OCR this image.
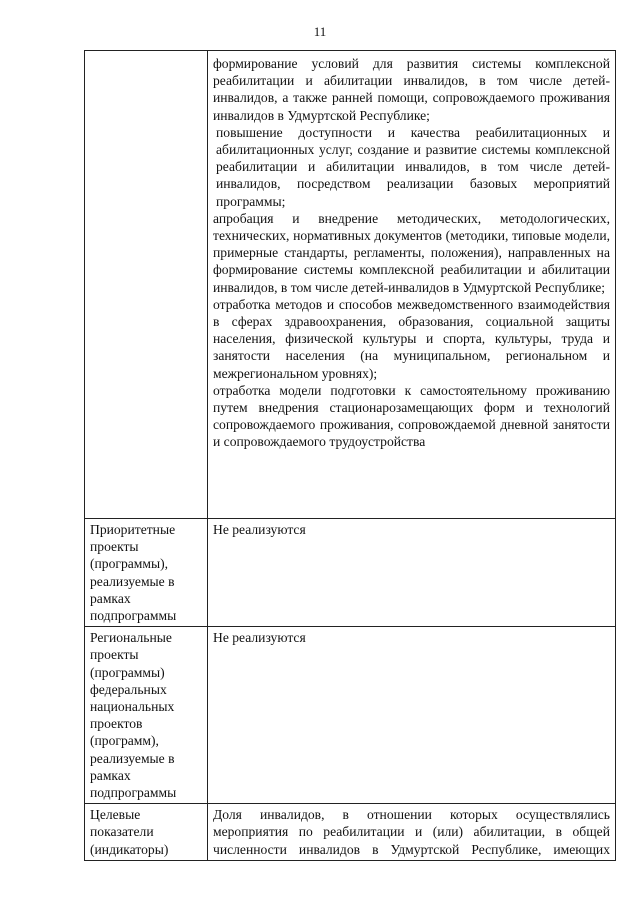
11

	формирование условий для развития системы комплексной реабилитации и абилитации инвалидов, в том числе детей-инвалидов, а также ранней помощи, сопровождаемого проживания инвалидов в Удмуртской Республике;

повышение доступности и качества реабилитационных и абилитационных услуг, создание и развитие системы комплексной реабилитации и абилитации инвалидов, в том числе детей-инвалидов, посредством реализации базовых мероприятий программы;

апробация и внедрение методических, методологических, технических, нормативных документов (методики, типовые модели, примерные стандарты, регламенты, положения), направленных на формирование системы комплексной реабилитации и абилитации инвалидов, в том числе детей-инвалидов в Удмуртской Республике;

отработка методов и способов межведомственного взаимодействия в сферах здравоохранения, образования, социальной защиты населения, физической культуры и спорта, культуры, труда и занятости населения (на муниципальном, региональном и межрегиональном уровнях);

отработка модели подготовки к самостоятельному проживанию путем внедрения стационарозамещающих форм и технологий сопровождаемого проживания, сопровождаемой дневной занятости и сопровождаемого трудоустройства

Приоритетные проекты (программы), реализуемые в рамках подпрограммы	Не реализуются
Региональные проекты (программы) федеральных национальных проектов (программ), реализуемые в рамках подпрограммы	Не реализуются
Целевые показатели (индикаторы)	Доля инвалидов, в отношении которых осуществлялись мероприятия по реабилитации и (или) абилитации, в общей численности инвалидов в Удмуртской Республике, имеющих
